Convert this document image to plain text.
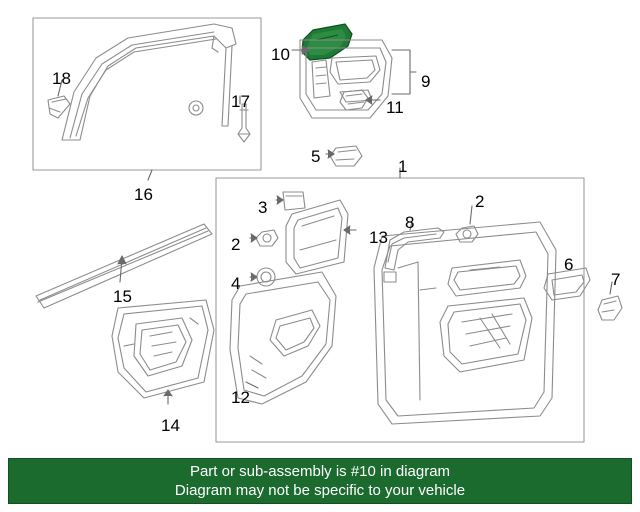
18
17
16
10
9
11
5
1
3	2
8
13
2
6
7
4
15
12
14
Part or sub-assembly is #10 in diagram
Diagram may not be specific to your vehicle
